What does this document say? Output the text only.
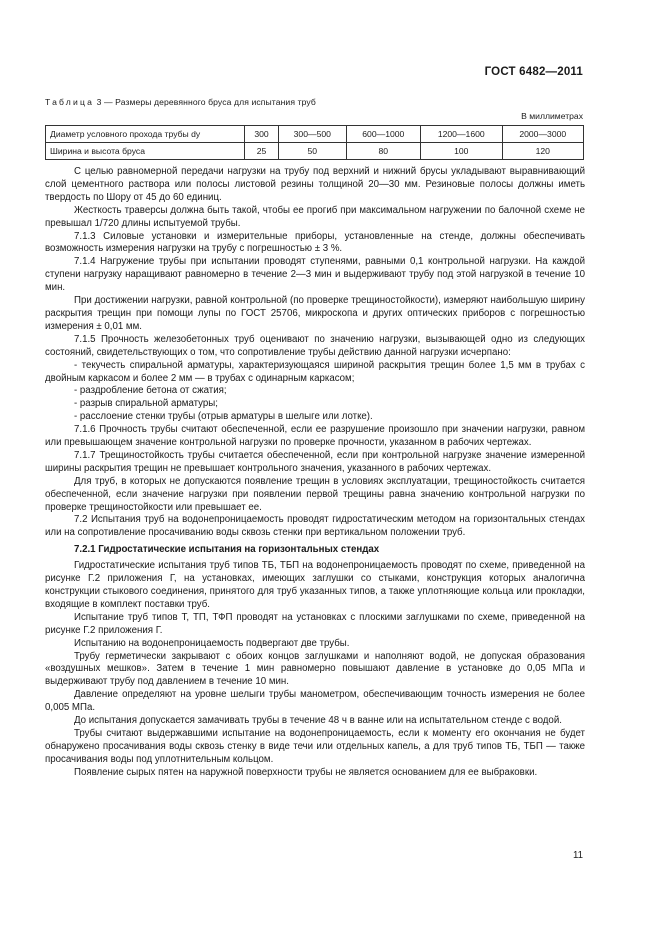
ГОСТ 6482—2011
Таблица 3 — Размеры деревянного бруса для испытания труб
В миллиметрах
Диаметр условного прохода трубы dy	300	300—500	600—1000	1200—1600	2000—3000
Ширина и высота бруса	25	50	80	100	120

С целью равномерной передачи нагрузки на трубу под верхний и нижний брусы укладывают выравнивающий слой цементного раствора или полосы листовой резины толщиной 20—30 мм. Резиновые полосы должны иметь твердость по Шору от 45 до 60 единиц.

Жесткость траверсы должна быть такой, чтобы ее прогиб при максимальном нагружении по балочной схеме не превышал 1/720 длины испытуемой трубы.

7.1.3 Силовые установки и измерительные приборы, установленные на стенде, должны обеспечивать возможность измерения нагрузки на трубу с погрешностью ± 3 %.

7.1.4 Нагружение трубы при испытании проводят ступенями, равными 0,1 контрольной нагрузки. На каждой ступени нагрузку наращивают равномерно в течение 2—3 мин и выдерживают трубу под этой нагрузкой в течение 10 мин.

При достижении нагрузки, равной контрольной (по проверке трещиностойкости), измеряют наибольшую ширину раскрытия трещин при помощи лупы по ГОСТ 25706, микроскопа и других оптических приборов с погрешностью измерения ± 0,01 мм.

7.1.5 Прочность железобетонных труб оценивают по значению нагрузки, вызывающей одно из следующих состояний, свидетельствующих о том, что сопротивление трубы действию данной нагрузки исчерпано:

- текучесть спиральной арматуры, характеризующаяся шириной раскрытия трещин более 1,5 мм в трубах с двойным каркасом и более 2 мм — в трубах с одинарным каркасом;

- раздробление бетона от сжатия;

- разрыв спиральной арматуры;

- расслоение стенки трубы (отрыв арматуры в шелыге или лотке).

7.1.6 Прочность трубы считают обеспеченной, если ее разрушение произошло при значении нагрузки, равном или превышающем значение контрольной нагрузки по проверке прочности, указанном в рабочих чертежах.

7.1.7 Трещиностойкость трубы считается обеспеченной, если при контрольной нагрузке значение измеренной ширины раскрытия трещин не превышает контрольного значения, указанного в рабочих чертежах.

Для труб, в которых не допускаются появление трещин в условиях эксплуатации, трещиностойкость считается обеспеченной, если значение нагрузки при появлении первой трещины равна значению контрольной нагрузки по проверке трещиностойкости или превышает ее.

7.2 Испытания труб на водонепроницаемость проводят гидростатическим методом на горизонтальных стендах или на сопротивление просачиванию воды сквозь стенки при вертикальном положении труб.

7.2.1 Гидростатические испытания на горизонтальных стендах

Гидростатические испытания труб типов ТБ, ТБП на водонепроницаемость проводят по схеме, приведенной на рисунке Г.2 приложения Г, на установках, имеющих заглушки со стыками, конструкция которых аналогична конструкции стыкового соединения, принятого для труб указанных типов, а также уплотняющие кольца или прокладки, входящие в комплект поставки труб.

Испытание труб типов Т, ТП, ТФП проводят на установках с плоскими заглушками по схеме, приведенной на рисунке Г.2 приложения Г.

Испытанию на водонепроницаемость подвергают две трубы.

Трубу герметически закрывают с обоих концов заглушками и наполняют водой, не допуская образования «воздушных мешков». Затем в течение 1 мин равномерно повышают давление в установке до 0,05 МПа и выдерживают трубу под давлением в течение 10 мин.

Давление определяют на уровне шелыги трубы манометром, обеспечивающим точность измерения не более 0,005 МПа.

До испытания допускается замачивать трубы в течение 48 ч в ванне или на испытательном стенде с водой.

Трубы считают выдержавшими испытание на водонепроницаемость, если к моменту его окончания не будет обнаружено просачивания воды сквозь стенку в виде течи или отдельных капель, а для труб типов ТБ, ТБП — также просачивания воды под уплотнительным кольцом.

Появление сырых пятен на наружной поверхности трубы не является основанием для ее выбраковки.

11
